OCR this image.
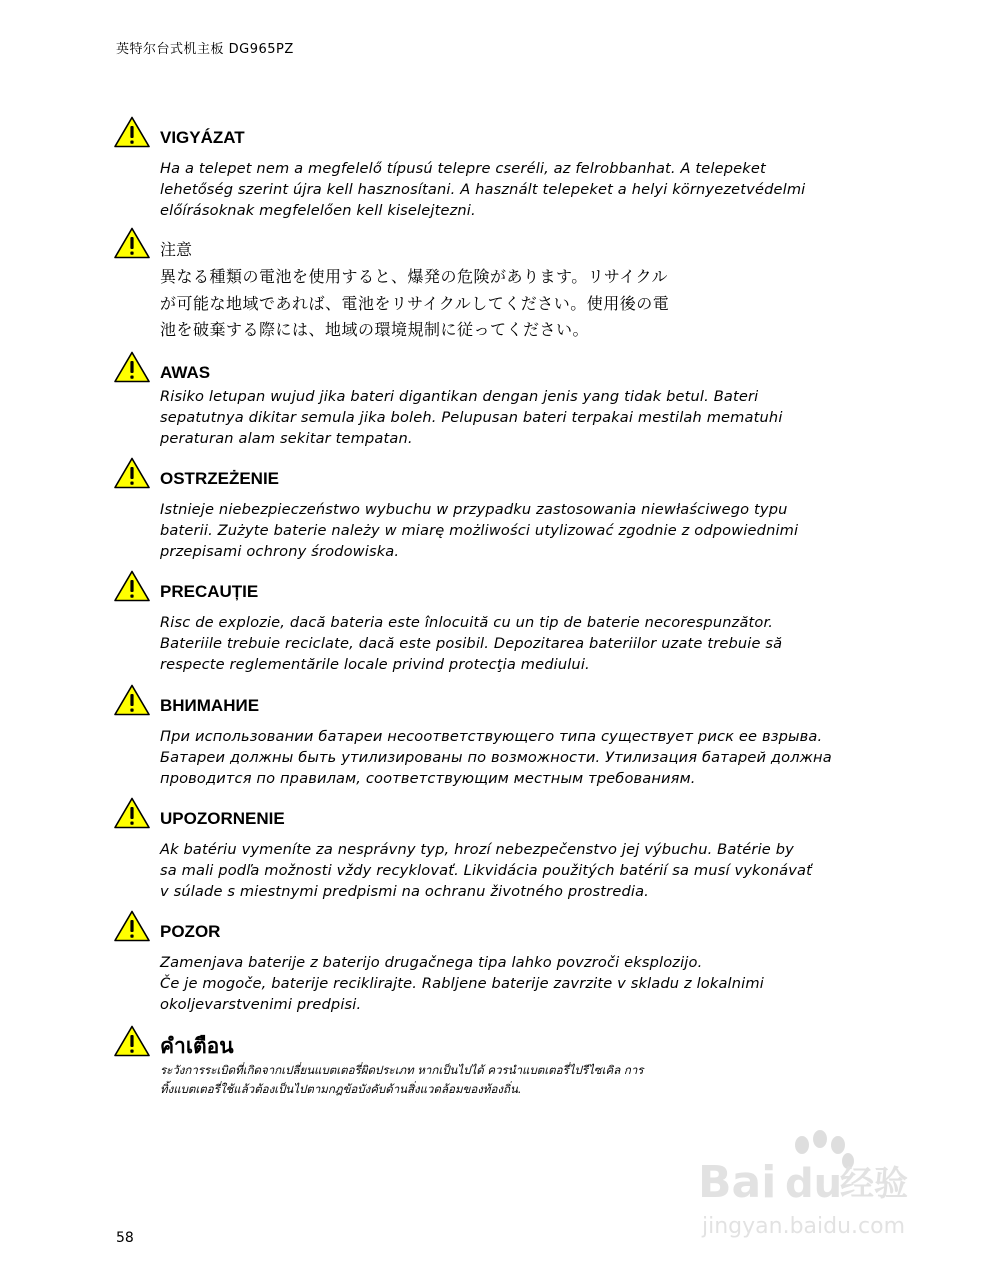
英特尔台式机主板 DG965PZ
VIGYÁZAT
Ha a telepet nem a megfelelő típusú telepre cseréli, az felrobbanhat. A telepeket
lehetőség szerint újra kell hasznosítani. A használt telepeket a helyi környezetvédelmi
előírásoknak megfelelően kell kiselejtezni.
注意
異なる種類の電池を使用すると、爆発の危険があります。リサイクル
が可能な地域であれば、電池をリサイクルしてください。使用後の電
池を破棄する際には、地域の環境規制に従ってください。
AWAS
Risiko letupan wujud jika bateri digantikan dengan jenis yang tidak betul. Bateri
sepatutnya dikitar semula jika boleh. Pelupusan bateri terpakai mestilah mematuhi
peraturan alam sekitar tempatan.
OSTRZEŻENIE
Istnieje niebezpieczeństwo wybuchu w przypadku zastosowania niewłaściwego typu
baterii. Zużyte baterie należy w miarę możliwości utylizować zgodnie z odpowiednimi
przepisami ochrony środowiska.
PRECAUȚIE
Risc de explozie, dacă bateria este înlocuită cu un tip de baterie necorespunzător.
Bateriile trebuie reciclate, dacă este posibil. Depozitarea bateriilor uzate trebuie să
respecte reglementările locale privind protecţia mediului.
ВНИМАНИЕ
При использовании батареи несоответствующего типа существует риск ее взрыва.
Батареи должны быть утилизированы по возможности. Утилизация батарей должна
проводится по правилам, соответствующим местным требованиям.
UPOZORNENIE
Ak batériu vymeníte za nesprávny typ, hrozí nebezpečenstvo jej výbuchu. Batérie by
sa mali podľa možnosti vždy recyklovať. Likvidácia použitých batérií sa musí vykonávať
v súlade s miestnymi predpismi na ochranu životného prostredia.
POZOR
Zamenjava baterije z baterijo drugačnega tipa lahko povzroči eksplozijo.
Če je mogoče, baterije reciklirajte. Rabljene baterije zavrzite v skladu z lokalnimi
okoljevarstvenimi predpisi.
คำเตือน
ระวังการระเบิดที่เกิดจากเปลี่ยนแบตเตอรี่ผิดประเภท หากเป็นไปได้ ควรนำแบตเตอรี่ไปรีไซเคิล การ
ทิ้งแบตเตอรี่ใช้แล้วต้องเป็นไปตามกฎข้อบังคับด้านสิ่งแวดล้อมของท้องถิ่น.
58
Bai du
经验
jingyan.baidu.com
